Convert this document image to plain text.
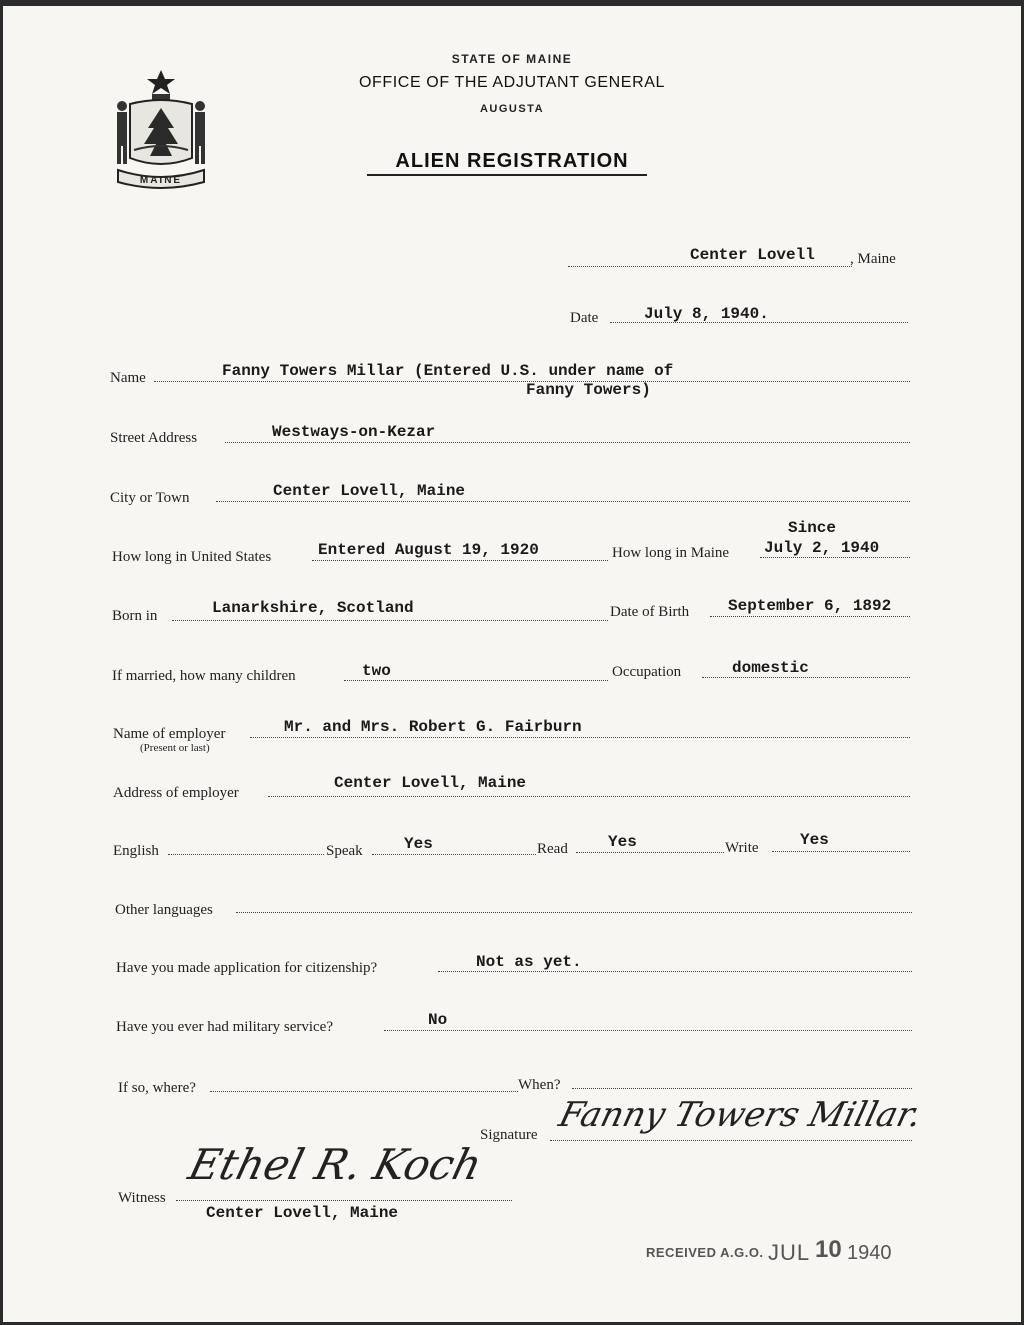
MAINE
STATE OF MAINE
OFFICE OF THE ADJUTANT GENERAL
AUGUSTA
ALIEN REGISTRATION
Center Lovell , Maine
Date	July 8, 1940.
Name	Fanny Towers Millar (Entered U.S. under name of
Fanny Towers)
Street Address	Westways-on-Kezar
City or Town	Center Lovell, Maine
How long in United States	Entered August 19, 1920	How long in Maine
Since
July 2, 1940
Born in	Lanarkshire, Scotland	Date of Birth September 6, 1892
If married, how many children	two	Occupation	domestic
Name of employer
(Present or last)
Mr. and Mrs. Robert G. Fairburn
Address of employer
Center Lovell, Maine
English	Speak	Yes	Read	Yes	Write	Yes
Other languages
Have you made application for citizenship?	Not as yet.
Have you ever had military service?	No
If so, where?	When?
Signature Fanny Towers Millar.
Witness
Ethel R. Koch
Center Lovell, Maine
RECEIVED A.G.O. JUL 10 1940
